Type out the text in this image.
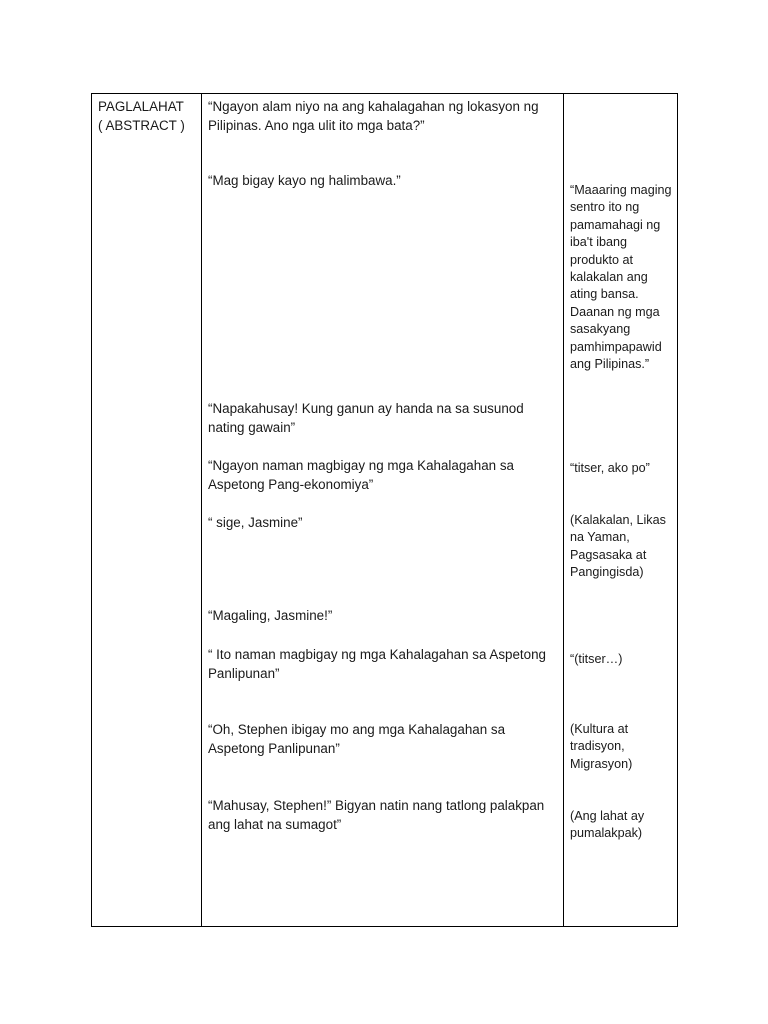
PAGLALAHAT
( ABSTRACT )
“Ngayon alam niyo na ang kahalagahan ng lokasyon ng Pilipinas. Ano nga ulit ito mga bata?”
“Mag bigay kayo ng halimbawa.”
“Napakahusay! Kung ganun ay handa na sa susunod nating gawain”
“Ngayon naman magbigay ng mga Kahalagahan sa Aspetong Pang-ekonomiya”
“ sige, Jasmine”
“Magaling, Jasmine!”
“ Ito naman magbigay ng mga Kahalagahan sa Aspetong Panlipunan”
“Oh, Stephen ibigay mo ang mga Kahalagahan sa Aspetong Panlipunan”
“Mahusay, Stephen!” Bigyan natin nang tatlong palakpan ang lahat na sumagot”
“Maaaring maging sentro ito ng pamamahagi ng iba't ibang produkto at kalakalan ang ating bansa. Daanan ng mga sasakyang pamhimpapawid ang Pilipinas.”
“titser, ako po”
(Kalakalan, Likas na Yaman, Pagsasaka at Pangingisda)
“(titser…)
(Kultura at tradisyon, Migrasyon)
(Ang lahat ay pumalakpak)
